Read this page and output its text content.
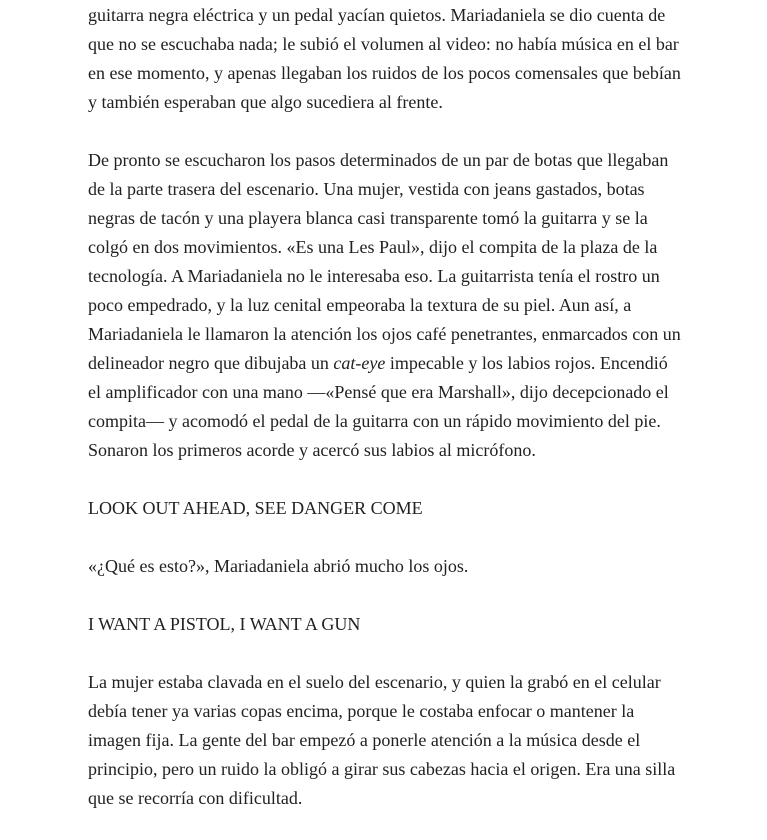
guitarra negra eléctrica y un pedal yacían quietos. Mariadaniela se dio cuenta de que no se escuchaba nada; le subió el volumen al video: no había música en el bar en ese momento, y apenas llegaban los ruidos de los pocos comensales que bebían y también esperaban que algo sucediera al frente.

De pronto se escucharon los pasos determinados de un par de botas que llegaban de la parte trasera del escenario. Una mujer, vestida con jeans gastados, botas negras de tacón y una playera blanca casi transparente tomó la guitarra y se la colgó en dos movimientos. «Es una Les Paul», dijo el compita de la plaza de la tecnología. A Mariadaniela no le interesaba eso. La guitarrista tenía el rostro un poco empedrado, y la luz cenital empeoraba la textura de su piel. Aun así, a Mariadaniela le llamaron la atención los ojos café penetrantes, enmarcados con un delineador negro que dibujaba un cat-eye impecable y los labios rojos. Encendió el amplificador con una mano —«Pensé que era Marshall», dijo decepcionado el compita— y acomodó el pedal de la guitarra con un rápido movimiento del pie. Sonaron los primeros acorde y acercó sus labios al micrófono.

LOOK OUT AHEAD, SEE DANGER COME

«¿Qué es esto?», Mariadaniela abrió mucho los ojos.

I WANT A PISTOL, I WANT A GUN

La mujer estaba clavada en el suelo del escenario, y quien la grabó en el celular debía tener ya varias copas encima, porque le costaba enfocar o mantener la imagen fija. La gente del bar empezó a ponerle atención a la música desde el principio, pero un ruido la obligó a girar sus cabezas hacia el origen. Era una silla que se recorría con dificultad.
